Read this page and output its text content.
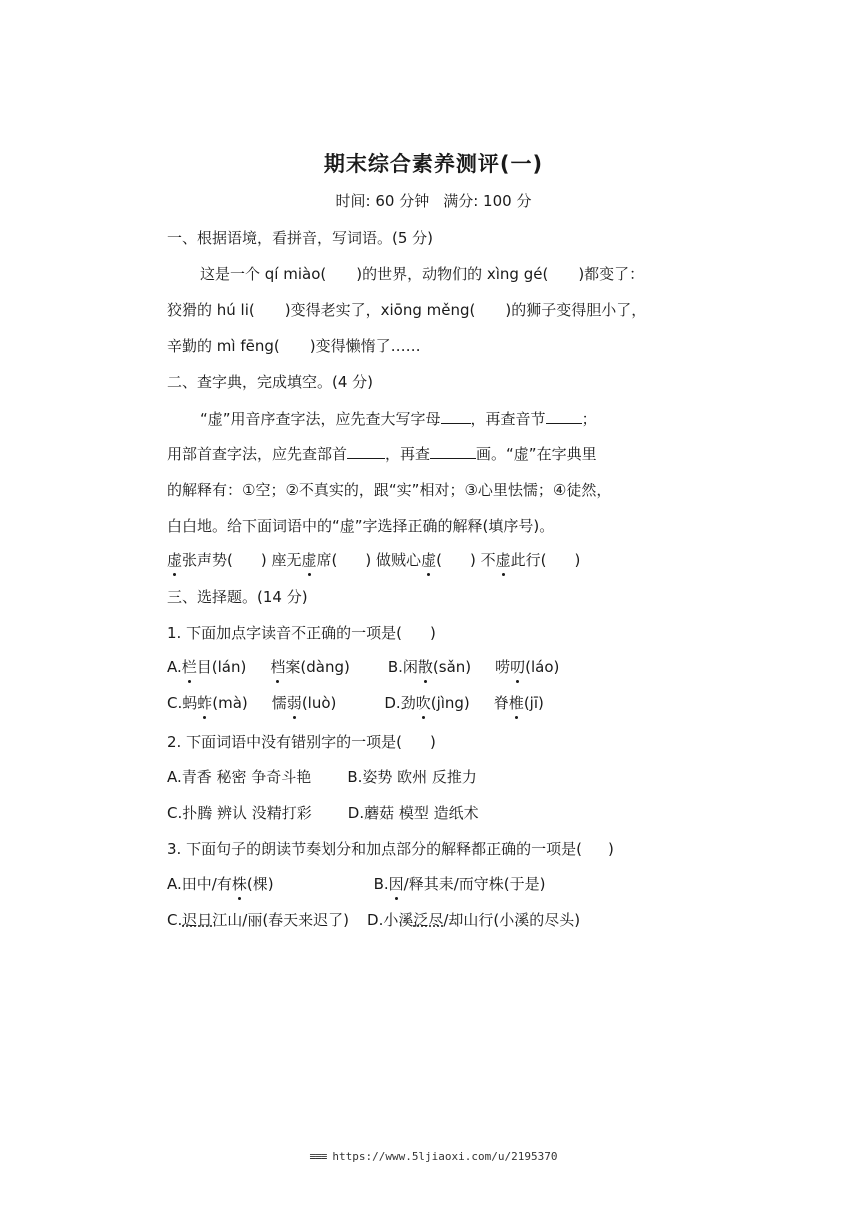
期末综合素养测评(一)
时间: 60 分钟 满分: 100 分
一、根据语境，看拼音，写词语。(5 分)
这是一个 qí miào( )的世界，动物们的 xìng gé( )都变了：
狡猾的 hú li( )变得老实了，xiōng měng( )的狮子变得胆小了，
辛勤的 mì fēng( )变得懒惰了……
二、查字典，完成填空。(4 分)
“虚”用音序查字法，应先查大写字母 ，再查音节 ；
用部首查字法，应先查部首	，再查	画。“虚”在字典里
的解释有：①空；②不真实的，跟“实”相对；③心里怯懦；④徒然，
白白地。给下面词语中的“虚”字选择正确的解释(填序号)。
虚张声势( ) 座无虚席( ) 做贼心虚( ) 不虚此行( )
三、选择题。(14 分)
1. 下面加点字读音不正确的一项是( )
A.栏目(lán) 档案(dàng)	B.闲散(sǎn) 唠叨(láo)
C.蚂蚱(mà) 懦弱(luò)	D.劲吹(jìng) 脊椎(jī)
2. 下面词语中没有错别字的一项是( )
A.青香 秘密 争奇斗艳 B.姿势 欧州 反推力
C.扑腾 辨认 没精打彩 D.蘑菇 模型 造纸术
3. 下面句子的朗读节奏划分和加点部分的解释都正确的一项是( )
A.田中/有株(棵)	B.因/释其耒/而守株(于是)
C.迟日江山/丽(春天来迟了) D.小溪泛尽/却山行(小溪的尽头)
≡≡≡ https://www.5ljiaoxi.com/u/2195370
